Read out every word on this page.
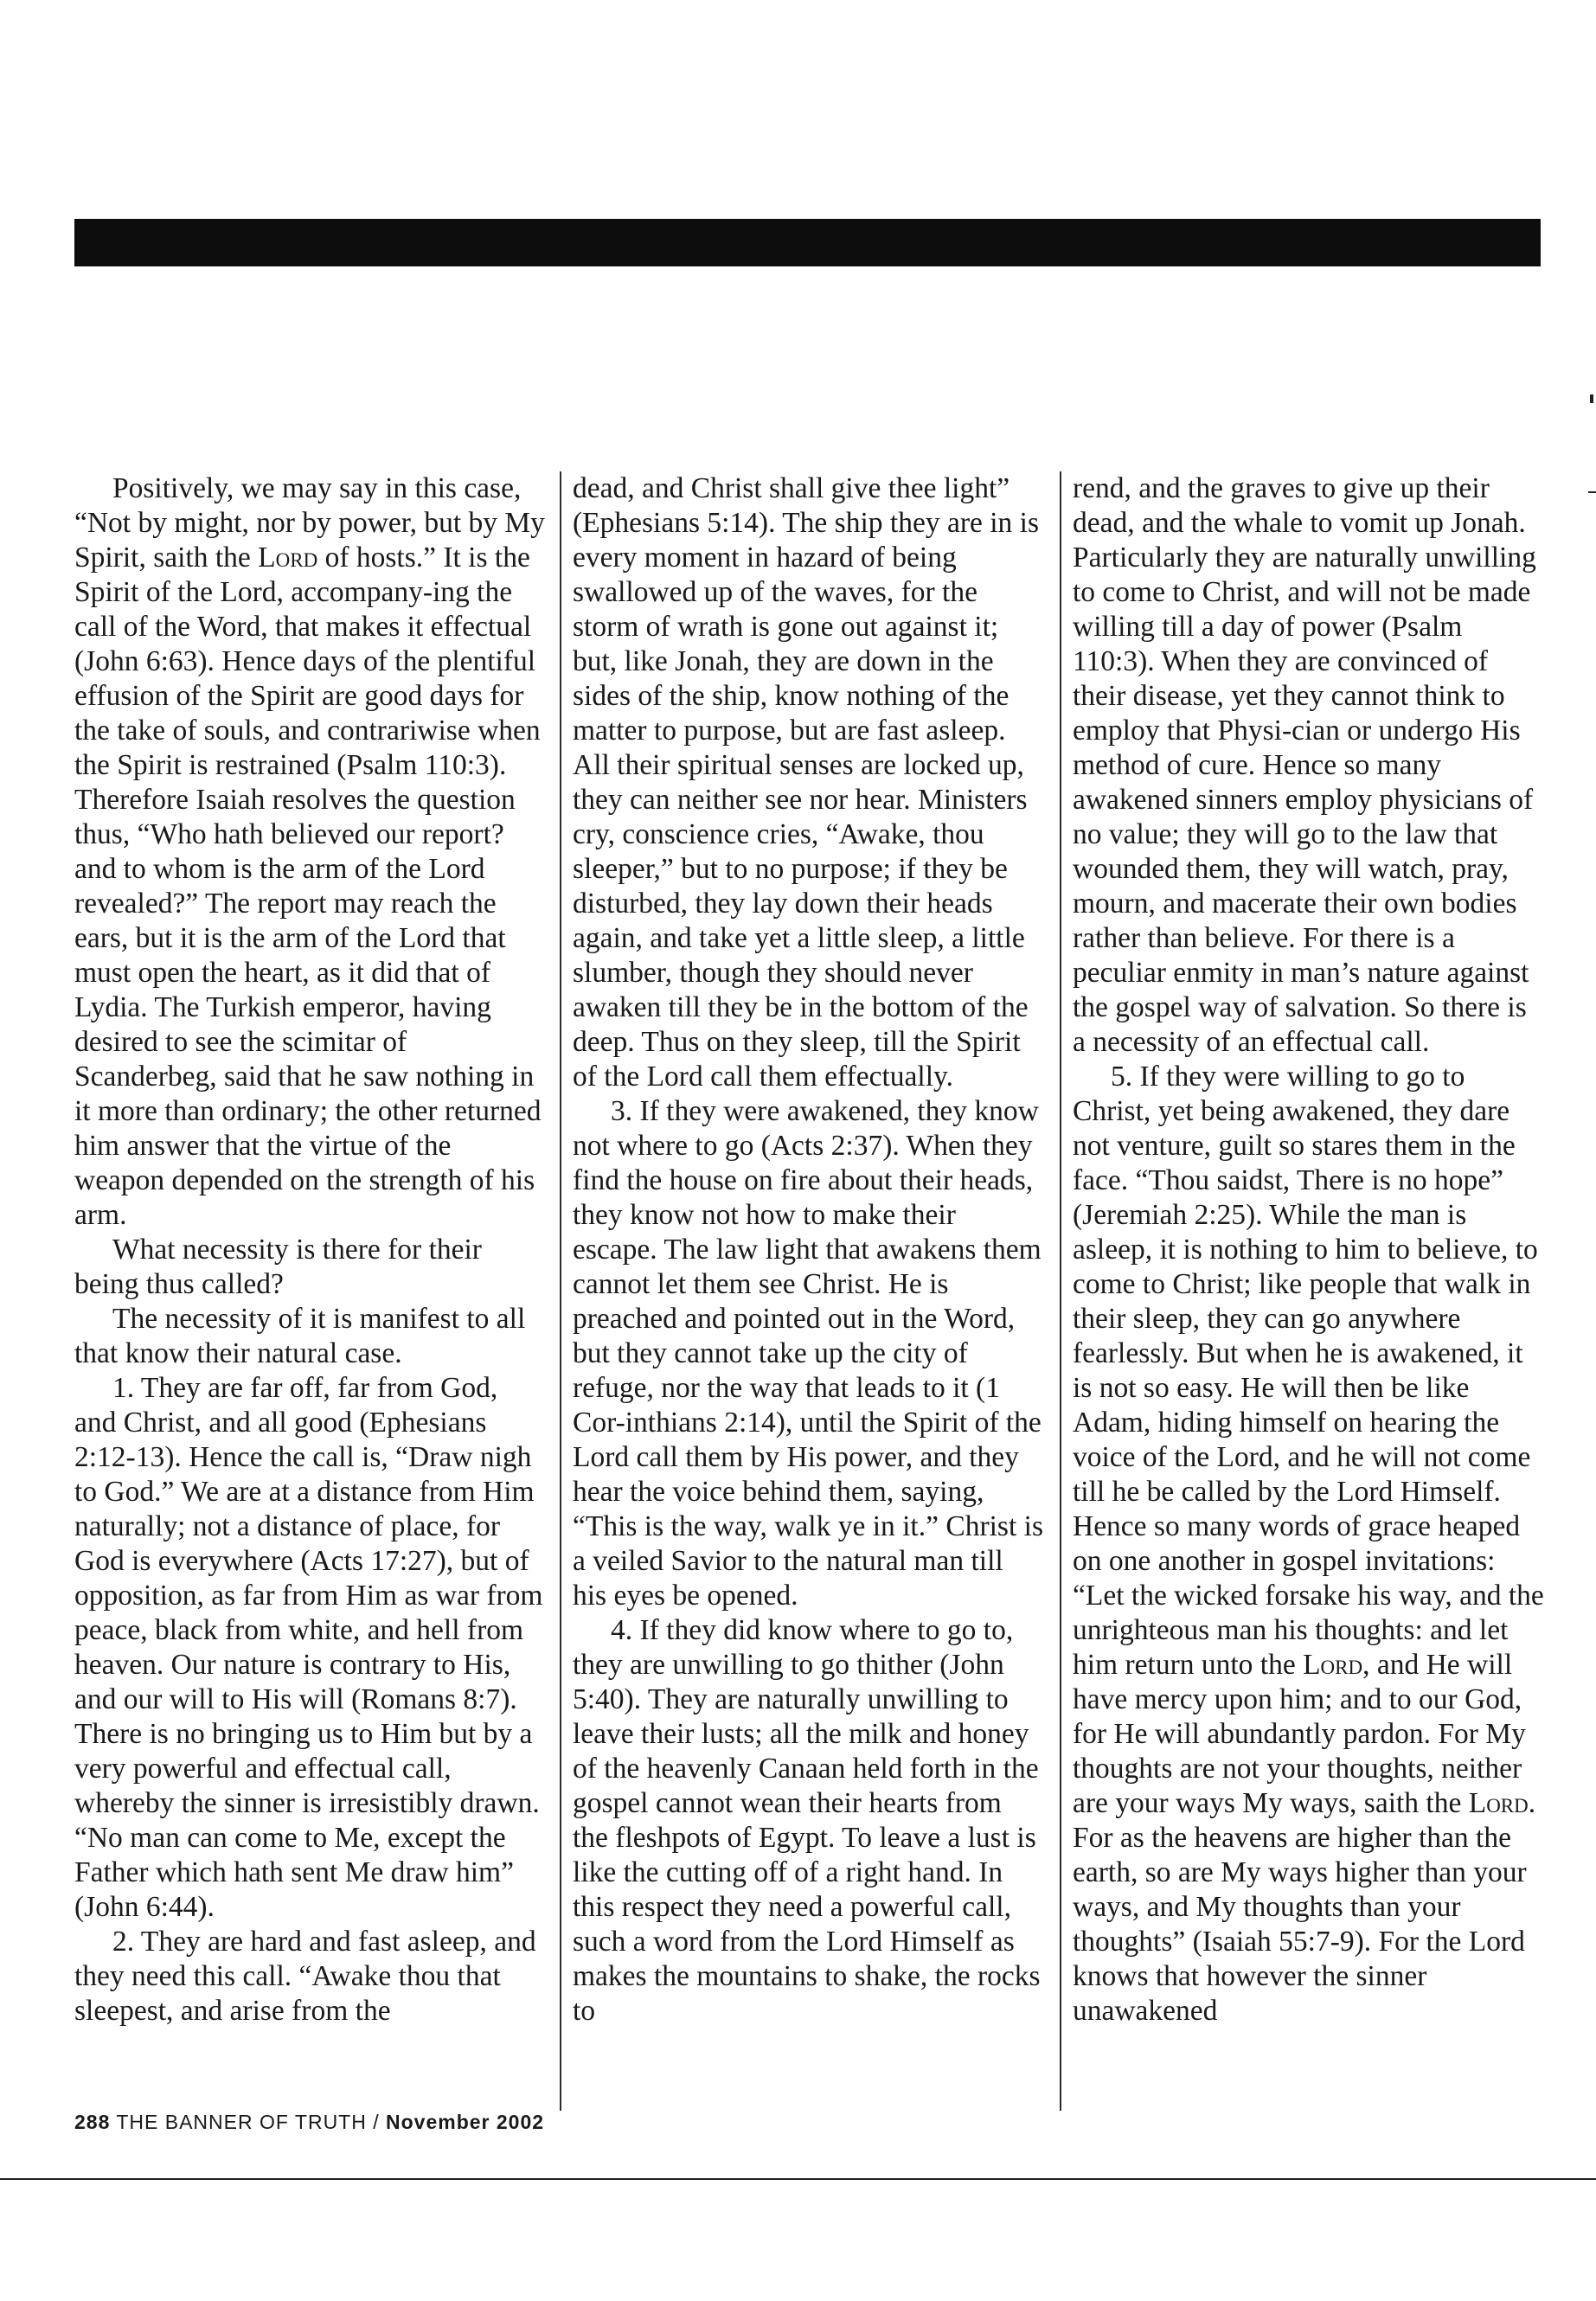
Positively, we may say in this case, “Not by might, nor by power, but by My Spirit, saith the Lord of hosts.” It is the Spirit of the Lord, accompany-ing the call of the Word, that makes it effectual (John 6:63). Hence days of the plentiful effusion of the Spirit are good days for the take of souls, and contrariwise when the Spirit is restrained (Psalm 110:3). Therefore Isaiah resolves the question thus, “Who hath believed our report? and to whom is the arm of the Lord revealed?” The report may reach the ears, but it is the arm of the Lord that must open the heart, as it did that of Lydia. The Turkish emperor, having desired to see the scimitar of Scanderbeg, said that he saw nothing in it more than ordinary; the other returned him answer that the virtue of the weapon depended on the strength of his arm.

What necessity is there for their being thus called?

The necessity of it is manifest to all that know their natural case.

1. They are far off, far from God, and Christ, and all good (Ephesians 2:12-13). Hence the call is, “Draw nigh to God.” We are at a distance from Him naturally; not a distance of place, for God is everywhere (Acts 17:27), but of opposition, as far from Him as war from peace, black from white, and hell from heaven. Our nature is contrary to His, and our will to His will (Romans 8:7). There is no bringing us to Him but by a very powerful and effectual call, whereby the sinner is irresistibly drawn. “No man can come to Me, except the Father which hath sent Me draw him” (John 6:44).

2. They are hard and fast asleep, and they need this call. “Awake thou that sleepest, and arise from the

dead, and Christ shall give thee light” (Ephesians 5:14). The ship they are in is every moment in hazard of being swallowed up of the waves, for the storm of wrath is gone out against it; but, like Jonah, they are down in the sides of the ship, know nothing of the matter to purpose, but are fast asleep. All their spiritual senses are locked up, they can neither see nor hear. Ministers cry, conscience cries, “Awake, thou sleeper,” but to no purpose; if they be disturbed, they lay down their heads again, and take yet a little sleep, a little slumber, though they should never awaken till they be in the bottom of the deep. Thus on they sleep, till the Spirit of the Lord call them effectually.

3. If they were awakened, they know not where to go (Acts 2:37). When they find the house on fire about their heads, they know not how to make their escape. The law light that awakens them cannot let them see Christ. He is preached and pointed out in the Word, but they cannot take up the city of refuge, nor the way that leads to it (1 Cor-inthians 2:14), until the Spirit of the Lord call them by His power, and they hear the voice behind them, saying, “This is the way, walk ye in it.” Christ is a veiled Savior to the natural man till his eyes be opened.

4. If they did know where to go to, they are unwilling to go thither (John 5:40). They are naturally unwilling to leave their lusts; all the milk and honey of the heavenly Canaan held forth in the gospel cannot wean their hearts from the fleshpots of Egypt. To leave a lust is like the cutting off of a right hand. In this respect they need a powerful call, such a word from the Lord Himself as makes the mountains to shake, the rocks to

rend, and the graves to give up their dead, and the whale to vomit up Jonah. Particularly they are naturally unwilling to come to Christ, and will not be made willing till a day of power (Psalm 110:3). When they are convinced of their disease, yet they cannot think to employ that Physi-cian or undergo His method of cure. Hence so many awakened sinners employ physicians of no value; they will go to the law that wounded them, they will watch, pray, mourn, and macerate their own bodies rather than believe. For there is a peculiar enmity in man’s nature against the gospel way of salvation. So there is a necessity of an effectual call.

5. If they were willing to go to Christ, yet being awakened, they dare not venture, guilt so stares them in the face. “Thou saidst, There is no hope” (Jeremiah 2:25). While the man is asleep, it is nothing to him to believe, to come to Christ; like people that walk in their sleep, they can go anywhere fearlessly. But when he is awakened, it is not so easy. He will then be like Adam, hiding himself on hearing the voice of the Lord, and he will not come till he be called by the Lord Himself. Hence so many words of grace heaped on one another in gospel invitations: “Let the wicked forsake his way, and the unrighteous man his thoughts: and let him return unto the Lord, and He will have mercy upon him; and to our God, for He will abundantly pardon. For My thoughts are not your thoughts, neither are your ways My ways, saith the Lord. For as the heavens are higher than the earth, so are My ways higher than your ways, and My thoughts than your thoughts” (Isaiah 55:7-9). For the Lord knows that however the sinner unawakened

288 THE BANNER OF TRUTH / November 2002
